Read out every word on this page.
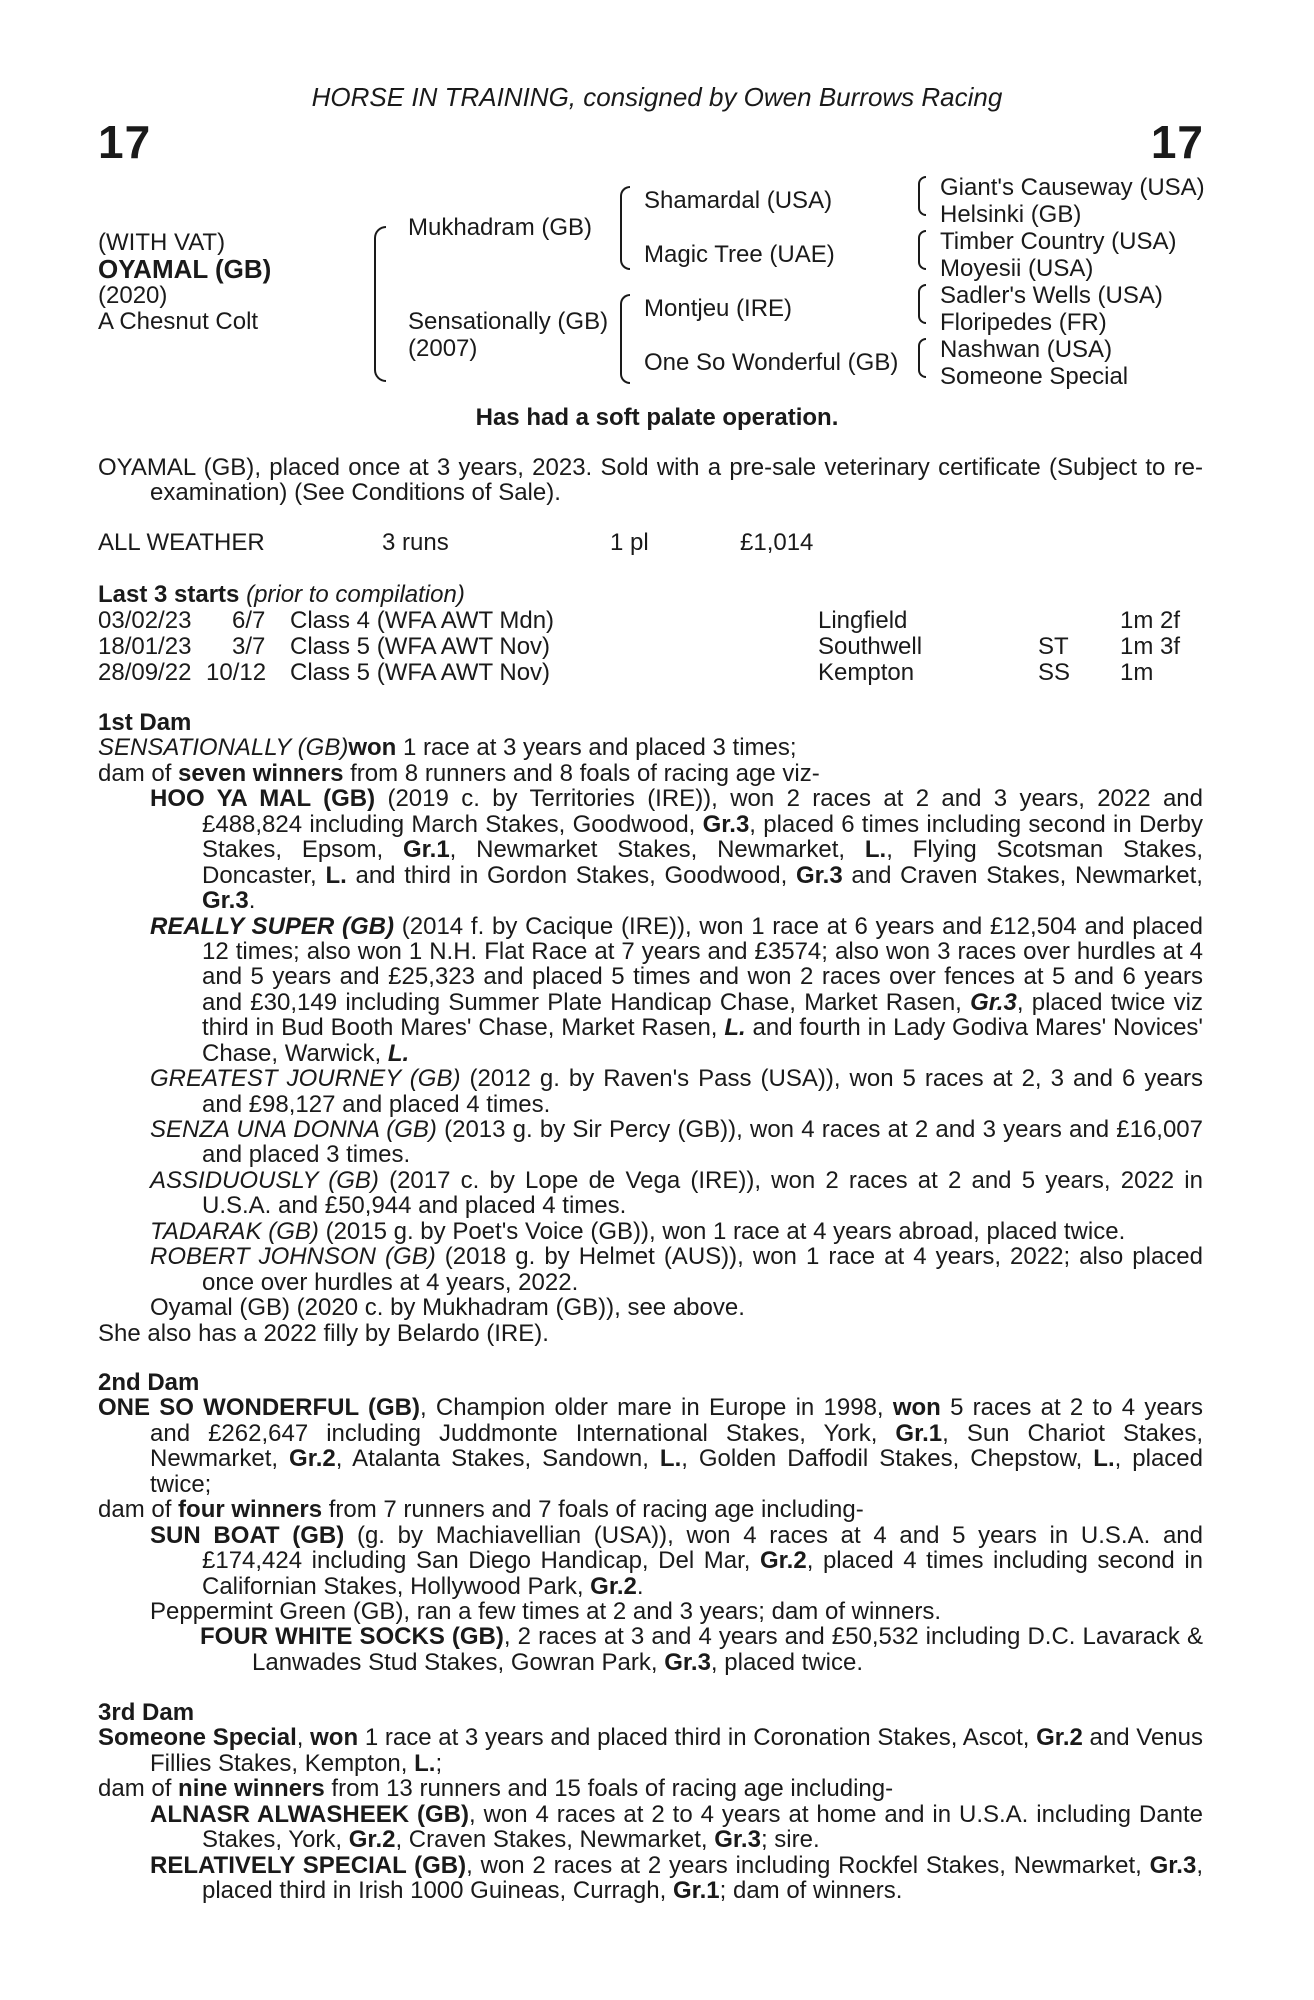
HORSE IN TRAINING, consigned by Owen Burrows Racing
17	17
(WITH VAT)
OYAMAL (GB)
(2020)
A Chesnut Colt
Mukhadram (GB)
Sensationally (GB)
(2007)
Shamardal (USA)
Magic Tree (UAE)
Montjeu (IRE)
One So Wonderful (GB)
Giant's Causeway (USA)
Helsinki (GB)
Timber Country (USA)
Moyesii (USA)
Sadler's Wells (USA)
Floripedes (FR)
Nashwan (USA)
Someone Special
Has had a soft palate operation.

OYAMAL (GB), placed once at 3 years, 2023. Sold with a pre-sale veterinary certificate (Subject to re-examination) (See Conditions of Sale).

ALL WEATHER	3 runs	1 pl	£1,014
Last 3 starts (prior to compilation)
03/02/23 6/7 Class 4 (WFA AWT Mdn)	Lingfield	1m 2f
18/01/23 3/7 Class 5 (WFA AWT Nov)	Southwell	ST 1m 3f
28/09/22 10/12 Class 5 (WFA AWT Nov)	Kempton	SS 1m

1st Dam

SENSATIONALLY (GB)won 1 race at 3 years and placed 3 times;

dam of seven winners from 8 runners and 8 foals of racing age viz-

HOO YA MAL (GB) (2019 c. by Territories (IRE)), won 2 races at 2 and 3 years, 2022 and £488,824 including March Stakes, Goodwood, Gr.3, placed 6 times including second in Derby Stakes, Epsom, Gr.1, Newmarket Stakes, Newmarket, L., Flying Scotsman Stakes, Doncaster, L. and third in Gordon Stakes, Goodwood, Gr.3 and Craven Stakes, Newmarket, Gr.3.

REALLY SUPER (GB) (2014 f. by Cacique (IRE)), won 1 race at 6 years and £12,504 and placed 12 times; also won 1 N.H. Flat Race at 7 years and £3574; also won 3 races over hurdles at 4 and 5 years and £25,323 and placed 5 times and won 2 races over fences at 5 and 6 years and £30,149 including Summer Plate Handicap Chase, Market Rasen, Gr.3, placed twice viz third in Bud Booth Mares' Chase, Market Rasen, L. and fourth in Lady Godiva Mares' Novices' Chase, Warwick, L.

GREATEST JOURNEY (GB) (2012 g. by Raven's Pass (USA)), won 5 races at 2, 3 and 6 years and £98,127 and placed 4 times.

SENZA UNA DONNA (GB) (2013 g. by Sir Percy (GB)), won 4 races at 2 and 3 years and £16,007 and placed 3 times.

ASSIDUOUSLY (GB) (2017 c. by Lope de Vega (IRE)), won 2 races at 2 and 5 years, 2022 in U.S.A. and £50,944 and placed 4 times.

TADARAK (GB) (2015 g. by Poet's Voice (GB)), won 1 race at 4 years abroad, placed twice.

ROBERT JOHNSON (GB) (2018 g. by Helmet (AUS)), won 1 race at 4 years, 2022; also placed once over hurdles at 4 years, 2022.

Oyamal (GB) (2020 c. by Mukhadram (GB)), see above.

She also has a 2022 filly by Belardo (IRE).

2nd Dam

ONE SO WONDERFUL (GB), Champion older mare in Europe in 1998, won 5 races at 2 to 4 years and £262,647 including Juddmonte International Stakes, York, Gr.1, Sun Chariot Stakes, Newmarket, Gr.2, Atalanta Stakes, Sandown, L., Golden Daffodil Stakes, Chepstow, L., placed twice;

dam of four winners from 7 runners and 7 foals of racing age including-

SUN BOAT (GB) (g. by Machiavellian (USA)), won 4 races at 4 and 5 years in U.S.A. and £174,424 including San Diego Handicap, Del Mar, Gr.2, placed 4 times including second in Californian Stakes, Hollywood Park, Gr.2.

Peppermint Green (GB), ran a few times at 2 and 3 years; dam of winners.

FOUR WHITE SOCKS (GB), 2 races at 3 and 4 years and £50,532 including D.C. Lavarack & Lanwades Stud Stakes, Gowran Park, Gr.3, placed twice.

3rd Dam

Someone Special, won 1 race at 3 years and placed third in Coronation Stakes, Ascot, Gr.2 and Venus Fillies Stakes, Kempton, L.;

dam of nine winners from 13 runners and 15 foals of racing age including-

ALNASR ALWASHEEK (GB), won 4 races at 2 to 4 years at home and in U.S.A. including Dante Stakes, York, Gr.2, Craven Stakes, Newmarket, Gr.3; sire.

RELATIVELY SPECIAL (GB), won 2 races at 2 years including Rockfel Stakes, Newmarket, Gr.3, placed third in Irish 1000 Guineas, Curragh, Gr.1; dam of winners.
